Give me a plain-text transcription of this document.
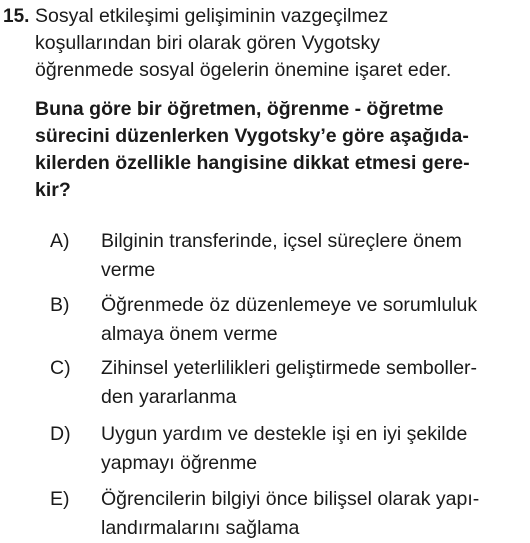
15. Sosyal etkileşimi gelişiminin vazgeçilmez
koşullarından biri olarak gören Vygotsky
öğrenmede sosyal ögelerin önemine işaret eder.
Buna göre bir öğretmen, öğrenme - öğretme
sürecini düzenlerken Vygotsky’e göre aşağıda-
kilerden özellikle hangisine dikkat etmesi gere-
kir?
A) Bilginin transferinde, içsel süreçlere önem
verme
B) Öğrenmede öz düzenlemeye ve sorumluluk
almaya önem verme
C) Zihinsel yeterlilikleri geliştirmede semboller-
den yararlanma
D) Uygun yardım ve destekle işi en iyi şekilde
yapmayı öğrenme
E) Öğrencilerin bilgiyi önce bilişsel olarak yapı-
landırmalarını sağlama
